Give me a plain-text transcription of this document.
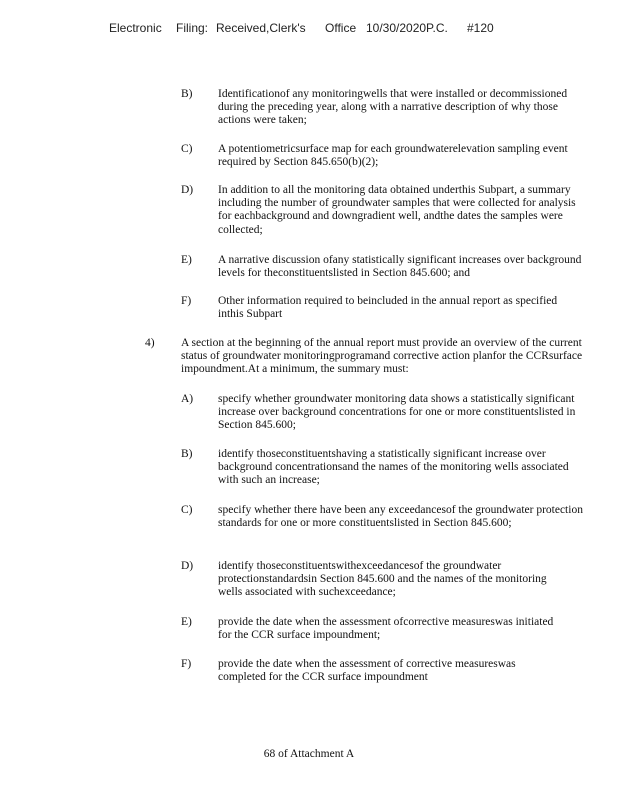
Electronic Filing: Received,Clerk's Office 10/30/2020P.C. #120
B)	Identificationof any monitoringwells that were installed or decommissioned during the preceding year, along with a narrative description of why those actions were taken;
C)	A potentiometricsurface map for each groundwaterelevation sampling event required by Section 845.650(b)(2);
D)	In addition to all the monitoring data obtained underthis Subpart, a summary including the number of groundwater samples that were collected for analysis for eachbackground and downgradient well, andthe dates the samples were collected;
E)	A narrative discussion ofany statistically significant increases over background levels for theconstituentslisted in Section 845.600; and
F)	Other information required to beincluded in the annual report as specified inthis Subpart
4)	A section at the beginning of the annual report must provide an overview of the current status of groundwater monitoringprogramand corrective action planfor the CCRsurface impoundment.At a minimum, the summary must:
A)	specify whether groundwater monitoring data shows a statistically significant increase over background concentrations for one or more constituentslisted in Section 845.600;
B)	identify thoseconstituentshaving a statistically significant increase over background concentrationsand the names of the monitoring wells associated with such an increase;
C)	specify whether there have been any exceedancesof the groundwater protection standards for one or more constituentslisted in Section 845.600;
D)	identify thoseconstituentswithexceedancesof the groundwater protectionstandardsin Section 845.600 and the names of the monitoring wells associated with suchexceedance;
E)	provide the date when the assessment ofcorrective measureswas initiated for the CCR surface impoundment;
F)	provide the date when the assessment of corrective measureswas completed for the CCR surface impoundment
68 of Attachment A
